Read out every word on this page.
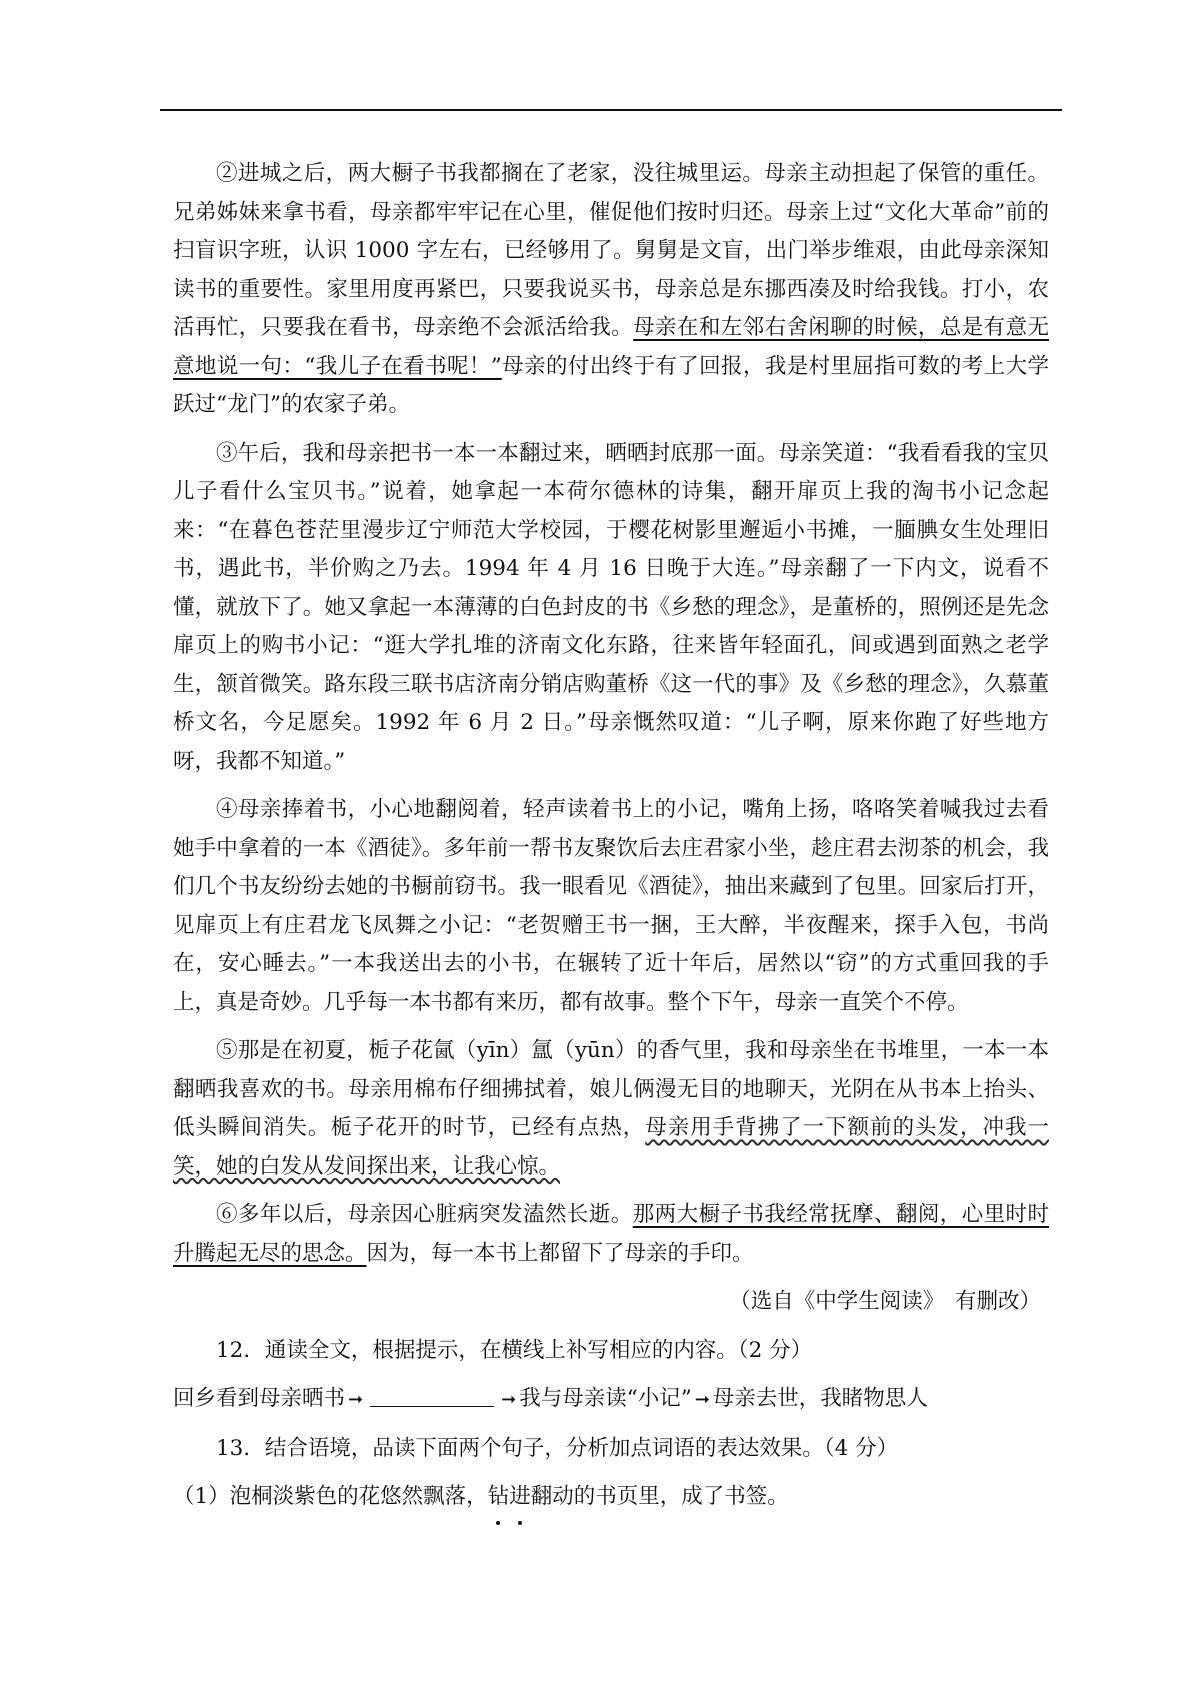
②进城之后，两大橱子书我都搁在了老家，没往城里运。母亲主动担起了保管的重任。兄弟姊妹来拿书看，母亲都牢牢记在心里，催促他们按时归还。母亲上过“文化大革命”前的扫盲识字班，认识 1000 字左右，已经够用了。舅舅是文盲，出门举步维艰，由此母亲深知读书的重要性。家里用度再紧巴，只要我说买书，母亲总是东挪西凑及时给我钱。打小，农活再忙，只要我在看书，母亲绝不会派活给我。母亲在和左邻右舍闲聊的时候，总是有意无意地说一句：“我儿子在看书呢！”母亲的付出终于有了回报，我是村里屈指可数的考上大学跃过“龙门”的农家子弟。

③午后，我和母亲把书一本一本翻过来，晒晒封底那一面。母亲笑道：“我看看我的宝贝儿子看什么宝贝书。”说着，她拿起一本荷尔德林的诗集，翻开扉页上我的淘书小记念起来：“在暮色苍茫里漫步辽宁师范大学校园，于樱花树影里邂逅小书摊，一腼腆女生处理旧书，遇此书，半价购之乃去。1994 年 4 月 16 日晚于大连。”母亲翻了一下内文，说看不懂，就放下了。她又拿起一本薄薄的白色封皮的书《乡愁的理念》，是董桥的，照例还是先念扉页上的购书小记：“逛大学扎堆的济南文化东路，往来皆年轻面孔，间或遇到面熟之老学生，颔首微笑。路东段三联书店济南分销店购董桥《这一代的事》及《乡愁的理念》，久慕董桥文名，今足愿矣。1992 年 6 月 2 日。”母亲慨然叹道：“儿子啊，原来你跑了好些地方呀，我都不知道。”

④母亲捧着书，小心地翻阅着，轻声读着书上的小记，嘴角上扬，咯咯笑着喊我过去看她手中拿着的一本《酒徒》。多年前一帮书友聚饮后去庄君家小坐，趁庄君去沏茶的机会，我们几个书友纷纷去她的书橱前窃书。我一眼看见《酒徒》，抽出来藏到了包里。回家后打开，见扉页上有庄君龙飞凤舞之小记：“老贺赠王书一捆，王大醉，半夜醒来，探手入包，书尚在，安心睡去。”一本我送出去的小书，在辗转了近十年后，居然以“窃”的方式重回我的手上，真是奇妙。几乎每一本书都有来历，都有故事。整个下午，母亲一直笑个不停。

⑤那是在初夏，栀子花氤（yīn）氲（yūn）的香气里，我和母亲坐在书堆里，一本一本翻晒我喜欢的书。母亲用棉布仔细拂拭着，娘儿俩漫无目的地聊天，光阴在从书本上抬头、低头瞬间消失。栀子花开的时节，已经有点热，母亲用手背拂了一下额前的头发，冲我一笑，她的白发从发间探出来，让我心惊。

⑥多年以后，母亲因心脏病突发溘然长逝。那两大橱子书我经常抚摩、翻阅，心里时时升腾起无尽的思念。因为，每一本书上都留下了母亲的手印。

（选自《中学生阅读》　有删改）

12．通读全文，根据提示，在横线上补写相应的内容。（2 分）

回乡看到母亲晒书 ➞	➞ 我与母亲读“小记” ➞ 母亲去世，我睹物思人

13．结合语境，品读下面两个句子，分析加点词语的表达效果。（4 分）

（1）泡桐淡紫色的花悠然飘落，钻进翻动的书页里，成了书签。
